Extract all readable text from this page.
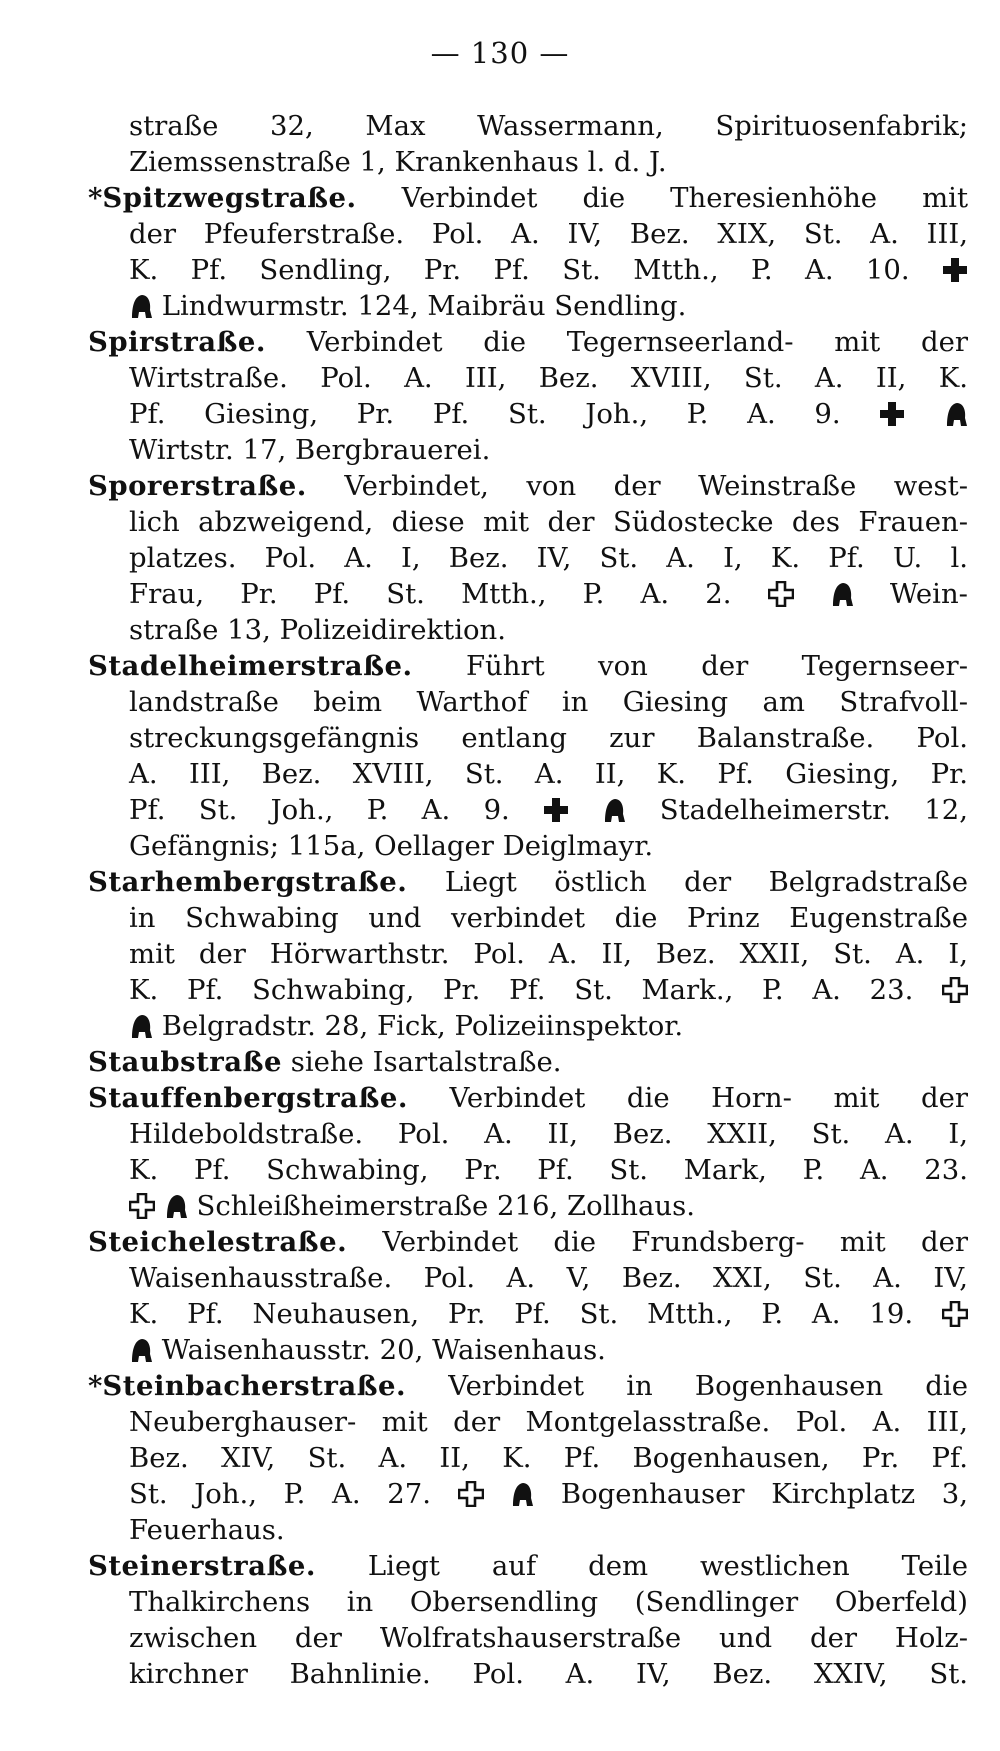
— 130 —
straße 32, Max Wassermann, Spirituosenfabrik;
Ziemssenstraße 1, Krankenhaus l. d. J.
*Spitzwegstraße. Verbindet die Theresienhöhe mit
der Pfeuferstraße. Pol. A. IV, Bez. XIX, St. A. III,
K. Pf. Sendling, Pr. Pf. St. Mtth., P. A. 10.
Lindwurmstr. 124, Maibräu Sendling.
Spirstraße. Verbindet die Tegernseerland- mit der
Wirtstraße. Pol. A. III, Bez. XVIII, St. A. II, K.
Pf. Giesing, Pr. Pf. St. Joh., P. A. 9.

Wirtstr. 17, Bergbrauerei.
Sporerstraße. Verbindet, von der Weinstraße west-
lich abzweigend, diese mit der Südostecke des Frauen-
platzes. Pol. A. I, Bez. IV, St. A. I, K. Pf. U. l.
Frau, Pr. Pf. St. Mtth., P. A. 2.
	Wein-
straße 13, Polizeidirektion.
Stadelheimerstraße. Führt von der Tegernseer-
landstraße beim Warthof in Giesing am Strafvoll-
streckungsgefängnis entlang zur Balanstraße. Pol.
A. III, Bez. XVIII, St. A. II, K. Pf. Giesing, Pr.
Pf. St. Joh., P. A. 9.
	Stadelheimerstr. 12,
Gefängnis; 115a, Oellager Deiglmayr.
Starhembergstraße. Liegt östlich der Belgradstraße
in Schwabing und verbindet die Prinz Eugenstraße
mit der Hörwarthstr. Pol. A. II, Bez. XXII, St. A. I,
K. Pf. Schwabing, Pr. Pf. St. Mark., P. A. 23.
Belgradstr. 28, Fick, Polizeiinspektor.
Staubstraße siehe Isartalstraße.
Stauffenbergstraße. Verbindet die Horn- mit der
Hildeboldstraße. Pol. A. II, Bez. XXII, St. A. I,
K. Pf. Schwabing, Pr. Pf. St. Mark, P. A. 23.

Schleißheimerstraße 216, Zollhaus.
Steichelestraße. Verbindet die Frundsberg- mit der
Waisenhausstraße. Pol. A. V, Bez. XXI, St. A. IV,
K. Pf. Neuhausen, Pr. Pf. St. Mtth., P. A. 19.
Waisenhausstr. 20, Waisenhaus.
*Steinbacherstraße. Verbindet in Bogenhausen die
Neuberghauser- mit der Montgelasstraße. Pol. A. III,
Bez. XIV, St. A. II, K. Pf. Bogenhausen, Pr. Pf.
St. Joh., P. A. 27.
	Bogenhauser Kirchplatz 3,
Feuerhaus.
Steinerstraße. Liegt auf dem westlichen Teile
Thalkirchens in Obersendling (Sendlinger Oberfeld)
zwischen der Wolfratshauserstraße und der Holz-
kirchner Bahnlinie. Pol. A. IV, Bez. XXIV, St.
